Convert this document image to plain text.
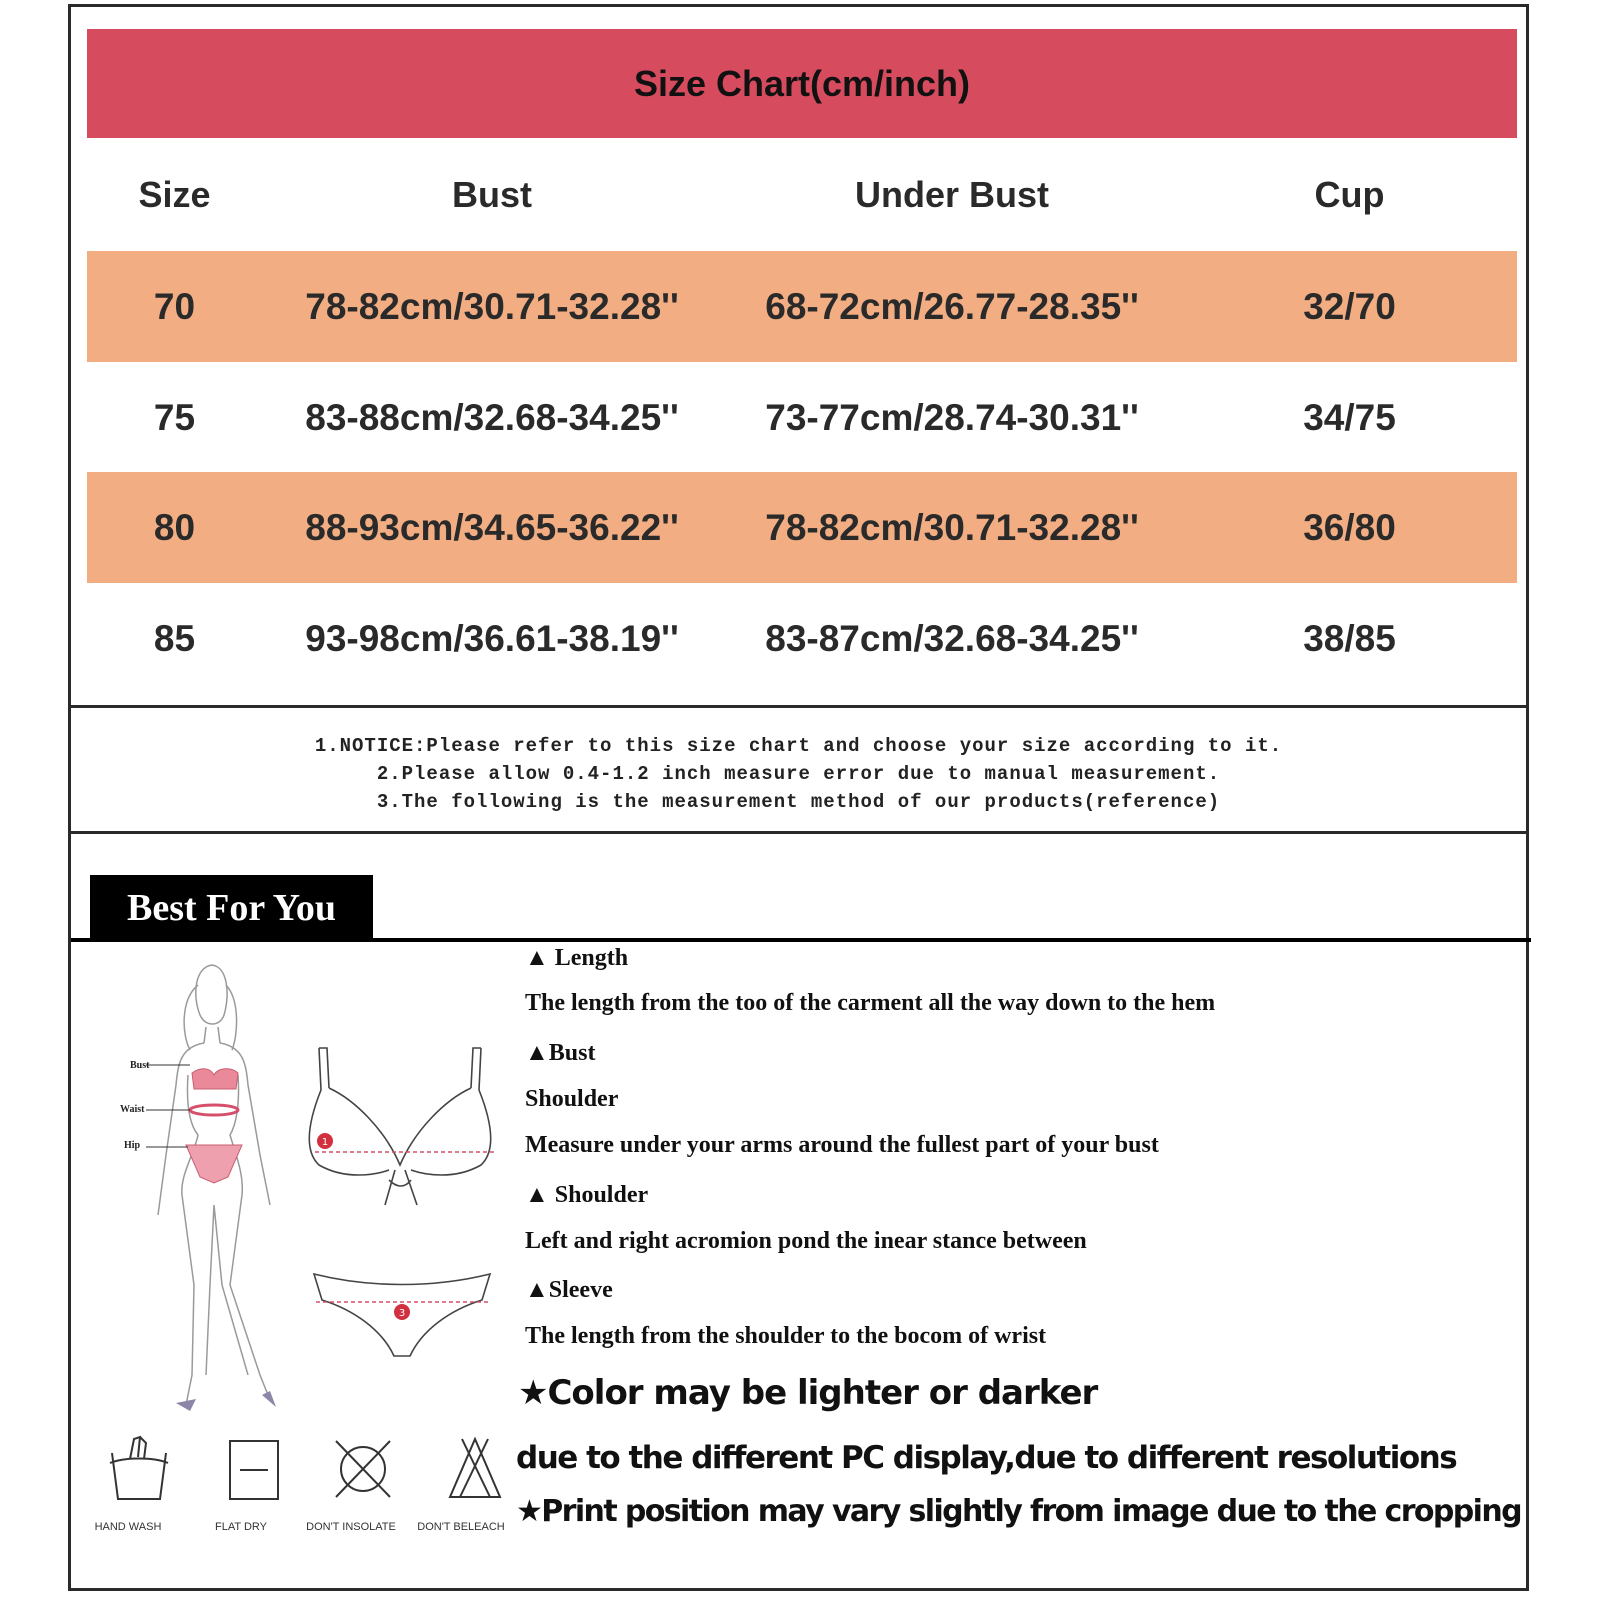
Size Chart(cm/inch)
Size	Bust	Under Bust	Cup
70	78-82cm/30.71-32.28''	68-72cm/26.77-28.35''	32/70
75	83-88cm/32.68-34.25''	73-77cm/28.74-30.31''	34/75
80	88-93cm/34.65-36.22''	78-82cm/30.71-32.28''	36/80
85	93-98cm/36.61-38.19''	83-87cm/32.68-34.25''	38/85
1.NOTICE:Please refer to this size chart and choose your size according to it.
2.Please allow 0.4-1.2 inch measure error due to manual measurement.
3.The following is the measurement method of our products(reference)
Best For You
Bust
Waist
Hip	1
3
▲ Length
The length from the too of the carment all the way down to the hem
▲Bust
Shoulder
Measure under your arms around the fullest part of your bust
▲ Shoulder
Left and right acromion pond the inear stance between
▲Sleeve
The length from the shoulder to the bocom of wrist
★Color may be lighter or darker
due to the different PC display,due to different resolutions
★Print position may vary slightly from image due to the cropping
HAND WASH	FLAT DRY	DON'T INSOLATE	DON'T BELEACH
